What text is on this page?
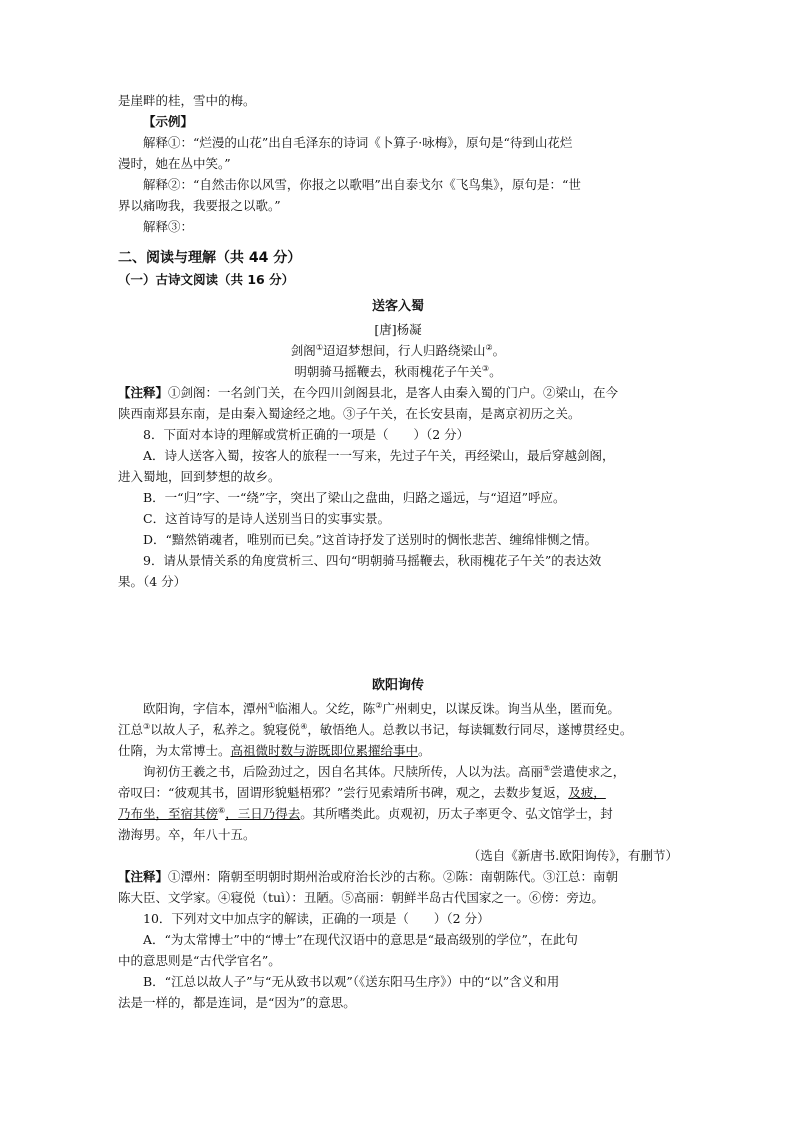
是崖畔的桂，雪中的梅。
【示例】
解释①：“烂漫的山花”出自毛泽东的诗词《卜算子·咏梅》，原句是“待到山花烂
漫时，她在丛中笑。”
解释②：“自然击你以风雪，你报之以歌唱”出自泰戈尔《飞鸟集》，原句是：“世
界以痛吻我，我要报之以歌。”
解释③：
二、阅读与理解（共 44 分）
（一）古诗文阅读（共 16 分）
送客入蜀
[唐]杨凝
剑阁①迢迢梦想间，行人归路绕梁山②。
明朝骑马摇鞭去，秋雨槐花子午关③。
【注释】①剑阁：一名剑门关，在今四川剑阁县北，是客人由秦入蜀的门户。②梁山，在今
陕西南郑县东南，是由秦入蜀途经之地。③子午关，在长安县南，是离京初历之关。
8．下面对本诗的理解或赏析正确的一项是（　　）（2 分）
A．诗人送客入蜀，按客人的旅程一一写来，先过子午关，再经梁山，最后穿越剑阁，
进入蜀地，回到梦想的故乡。
B．一“归”字、一“绕”字，突出了梁山之盘曲，归路之遥远，与“迢迢”呼应。
C．这首诗写的是诗人送别当日的实事实景。
D．“黯然销魂者，唯别而已矣。”这首诗抒发了送别时的惆怅悲苦、缠绵悱恻之情。
9．请从景情关系的角度赏析三、四句“明朝骑马摇鞭去，秋雨槐花子午关”的表达效
果。（4 分）
欧阳询传
欧阳询，字信本，潭州①临湘人。父纥，陈②广州刺史，以谋反诛。询当从坐，匿而免。
江总③以故人子，私养之。貌寝侻④，敏悟绝人。总教以书记，每读辄数行同尽，遂博贯经史。
仕隋，为太常博士。高祖微时数与游既即位累擢给事中。
询初仿王羲之书，后险劲过之，因自名其体。尺牍所传，人以为法。高丽⑤尝遣使求之，
帝叹曰：“彼观其书，固谓形貌魁梧邪？”尝行见索靖所书碑，观之，去数步复返，及疲，
乃布坐，至宿其傍⑥，三日乃得去。其所嗜类此。贞观初，历太子率更令、弘文馆学士，封
渤海男。卒，年八十五。
（选自《新唐书.欧阳询传》，有删节）
【注释】①潭州：隋朝至明朝时期州治或府治长沙的古称。②陈：南朝陈代。③江总：南朝
陈大臣、文学家。④寝侻（tuì）：丑陋。⑤高丽：朝鲜半岛古代国家之一。⑥傍：旁边。
10．下列对文中加点字的解读，正确的一项是（　　）（2 分）
A．“为太常博士”中的“博士”在现代汉语中的意思是“最高级别的学位”，在此句
中的意思则是“古代学官名”。
B．“江总以故人子”与“无从致书以观”（《送东阳马生序》）中的“以”含义和用
法是一样的，都是连词，是“因为”的意思。
